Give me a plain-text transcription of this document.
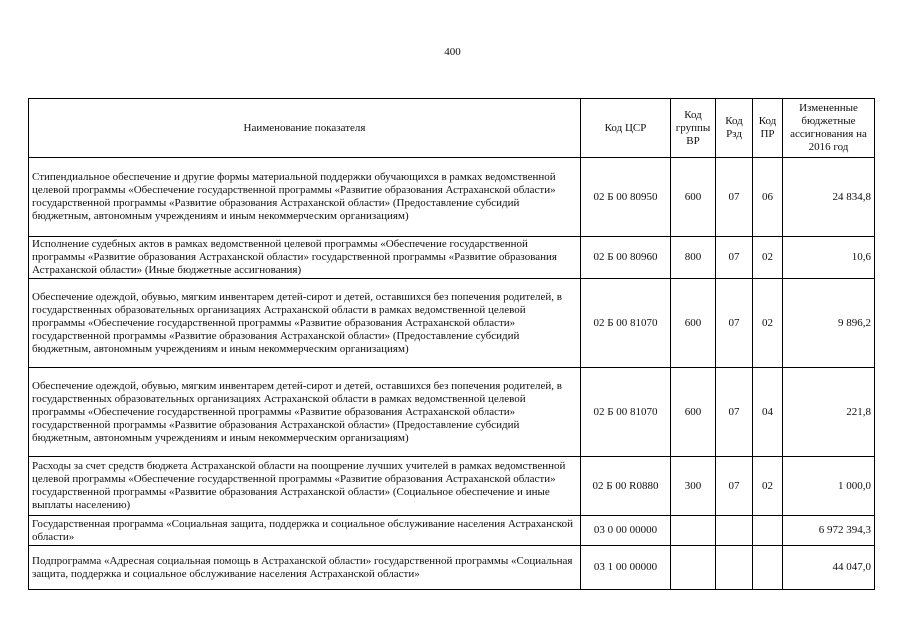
400
Наименование показателя	Код ЦСР	Код группы ВР	Код Рзд	Код ПР	Измененные бюджетные ассигнования на 2016 год
Стипендиальное обеспечение и другие формы материальной поддержки обучающихся в рамках ведомственной целевой программы «Обеспечение государственной программы «Развитие образования Астраханской области» государственной программы «Развитие образования Астраханской области» (Предоставление субсидий бюджетным, автономным учреждениям и иным некоммерческим организациям)	02 Б 00 80950	600	07	06	24 834,8
Исполнение судебных актов в рамках ведомственной целевой программы «Обеспечение государственной программы «Развитие образования Астраханской области» государственной программы «Развитие образования Астраханской области» (Иные бюджетные ассигнования)	02 Б 00 80960	800	07	02	10,6
Обеспечение одеждой, обувью, мягким инвентарем детей-сирот и детей, оставшихся без попечения родителей, в государственных образовательных организациях Астраханской области в рамках ведомственной целевой программы «Обеспечение государственной программы «Развитие образования Астраханской области» государственной программы «Развитие образования Астраханской области» (Предоставление субсидий бюджетным, автономным учреждениям и иным некоммерческим организациям)	02 Б 00 81070	600	07	02	9 896,2
Обеспечение одеждой, обувью, мягким инвентарем детей-сирот и детей, оставшихся без попечения родителей, в государственных образовательных организациях Астраханской области в рамках ведомственной целевой программы «Обеспечение государственной программы «Развитие образования Астраханской области» государственной программы «Развитие образования Астраханской области» (Предоставление субсидий бюджетным, автономным учреждениям и иным некоммерческим организациям)	02 Б 00 81070	600	07	04	221,8
Расходы за счет средств бюджета Астраханской области на поощрение лучших учителей в рамках ведомственной целевой программы «Обеспечение государственной программы «Развитие образования Астраханской области» государственной программы «Развитие образования Астраханской области» (Социальное обеспечение и иные выплаты населению)	02 Б 00 R0880	300	07	02	1 000,0
Государственная программа «Социальная защита, поддержка и социальное обслуживание населения Астраханской области»	03 0 00 00000				6 972 394,3
Подпрограмма «Адресная социальная помощь в Астраханской области» государственной программы «Социальная защита, поддержка и социальное обслуживание населения Астраханской области»	03 1 00 00000				44 047,0
